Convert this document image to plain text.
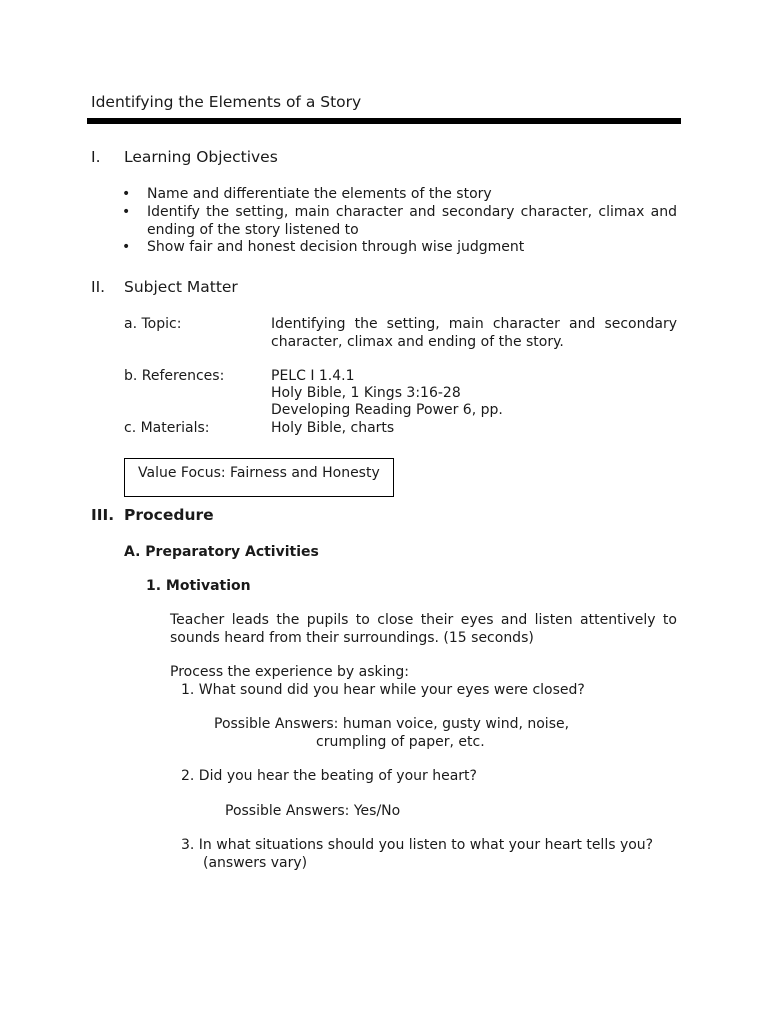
Identifying the Elements of a Story
I. Learning Objectives
• Name and differentiate the elements of the story
• Identify the setting, main character and secondary character, climax and ending of the story listened to
• Show fair and honest decision through wise judgment
II. Subject Matter
a. Topic:	Identifying the setting, main character and secondary character, climax and ending of the story.
b. References:	PELC I 1.4.1
Holy Bible, 1 Kings 3:16-28
Developing Reading Power 6, pp.
c. Materials:	Holy Bible, charts
Value Focus: Fairness and Honesty
III. Procedure
A. Preparatory Activities
1. Motivation
Teacher leads the pupils to close their eyes and listen attentively to sounds heard from their surroundings. (15 seconds)
Process the experience by asking:
1. What sound did you hear while your eyes were closed?
Possible Answers: human voice, gusty wind, noise,
crumpling of paper, etc.
2. Did you hear the beating of your heart?
Possible Answers: Yes/No
3. In what situations should you listen to what your heart tells you?
(answers vary)
